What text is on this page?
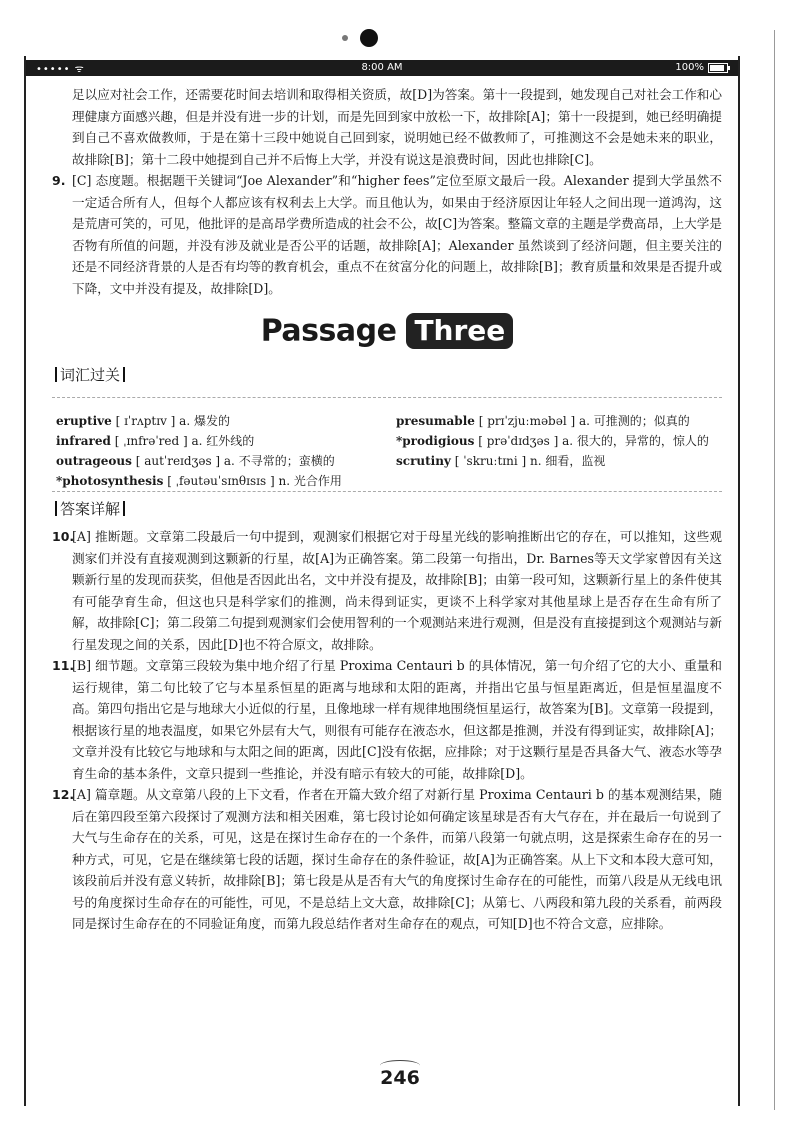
••••• ᯤ	8:00 AM	100%

足以应对社会工作，还需要花时间去培训和取得相关资质，故[D]为答案。第十一段提到，她发现自己对社会工作和心理健康方面感兴趣，但是并没有进一步的计划，而是先回到家中放松一下，故排除[A]；第十一段提到，她已经明确提到自己不喜欢做教师，于是在第十三段中她说自己回到家，说明她已经不做教师了，可推测这不会是她未来的职业，故排除[B]；第十二段中她提到自己并不后悔上大学，并没有说这是浪费时间，因此也排除[C]。

9. [C] 态度题。根据题干关键词“Joe Alexander”和“higher fees”定位至原文最后一段。Alexander 提到大学虽然不一定适合所有人，但每个人都应该有权利去上大学。而且他认为，如果由于经济原因让年轻人之间出现一道鸿沟，这是荒唐可笑的，可见，他批评的是高昂学费所造成的社会不公，故[C]为答案。整篇文章的主题是学费高昂，上大学是否物有所值的问题，并没有涉及就业是否公平的话题，故排除[A]；Alexander 虽然谈到了经济问题，但主要关注的还是不同经济背景的人是否有均等的教育机会，重点不在贫富分化的问题上，故排除[B]；教育质量和效果是否提升或下降，文中并没有提及，故排除[D]。
Passage Three
词汇过关
eruptive [ ɪˈrʌptɪv ] a. 爆发的
infrared [ ˌɪnfrəˈred ] a. 红外线的
outrageous [ autˈreɪdʒəs ] a. 不寻常的；蛮横的
*photosynthesis [ ˌfəutəuˈsɪnθɪsɪs ] n. 光合作用
presumable [ prɪˈzjuːməbəl ] a. 可推测的；似真的
*prodigious [ prəˈdɪdʒəs ] a. 很大的，异常的，惊人的
scrutiny [ ˈskruːtɪni ] n. 细看，监视
答案详解
10.
[A] 推断题。文章第二段最后一句中提到，观测家们根据它对于母星光线的影响推断出它的存在，可以推知，这些观测家们并没有直接观测到这颗新的行星，故[A]为正确答案。第二段第一句指出，Dr. Barnes等天文学家曾因有关这颗新行星的发现而获奖，但他是否因此出名，文中并没有提及，故排除[B]；由第一段可知，这颗新行星上的条件使其有可能孕育生命，但这也只是科学家们的推测，尚未得到证实，更谈不上科学家对其他星球上是否存在生命有所了解，故排除[C]；第二段第二句提到观测家们会使用智利的一个观测站来进行观测，但是没有直接提到这个观测站与新行星发现之间的关系，因此[D]也不符合原文，故排除。
11.
[B] 细节题。文章第三段较为集中地介绍了行星 Proxima Centauri b 的具体情况，第一句介绍了它的大小、重量和运行规律，第二句比较了它与本星系恒星的距离与地球和太阳的距离，并指出它虽与恒星距离近，但是恒星温度不高。第四句指出它是与地球大小近似的行星，且像地球一样有规律地围绕恒星运行，故答案为[B]。文章第一段提到，根据该行星的地表温度，如果它外层有大气，则很有可能存在液态水，但这都是推测，并没有得到证实，故排除[A]；文章并没有比较它与地球和与太阳之间的距离，因此[C]没有依据，应排除；对于这颗行星是否具备大气、液态水等孕育生命的基本条件，文章只提到一些推论，并没有暗示有较大的可能，故排除[D]。
12.
[A] 篇章题。从文章第八段的上下文看，作者在开篇大致介绍了对新行星 Proxima Centauri b 的基本观测结果，随后在第四段至第六段探讨了观测方法和相关困难，第七段讨论如何确定该星球是否有大气存在，并在最后一句说到了大气与生命存在的关系，可见，这是在探讨生命存在的一个条件，而第八段第一句就点明，这是探索生命存在的另一种方式，可见，它是在继续第七段的话题，探讨生命存在的条件验证，故[A]为正确答案。从上下文和本段大意可知，该段前后并没有意义转折，故排除[B]；第七段是从是否有大气的角度探讨生命存在的可能性，而第八段是从无线电讯号的角度探讨生命存在的可能性，可见，不是总结上文大意，故排除[C]；从第七、八两段和第九段的关系看，前两段同是探讨生命存在的不同验证角度，而第九段总结作者对生命存在的观点，可知[D]也不符合文意，应排除。
246
